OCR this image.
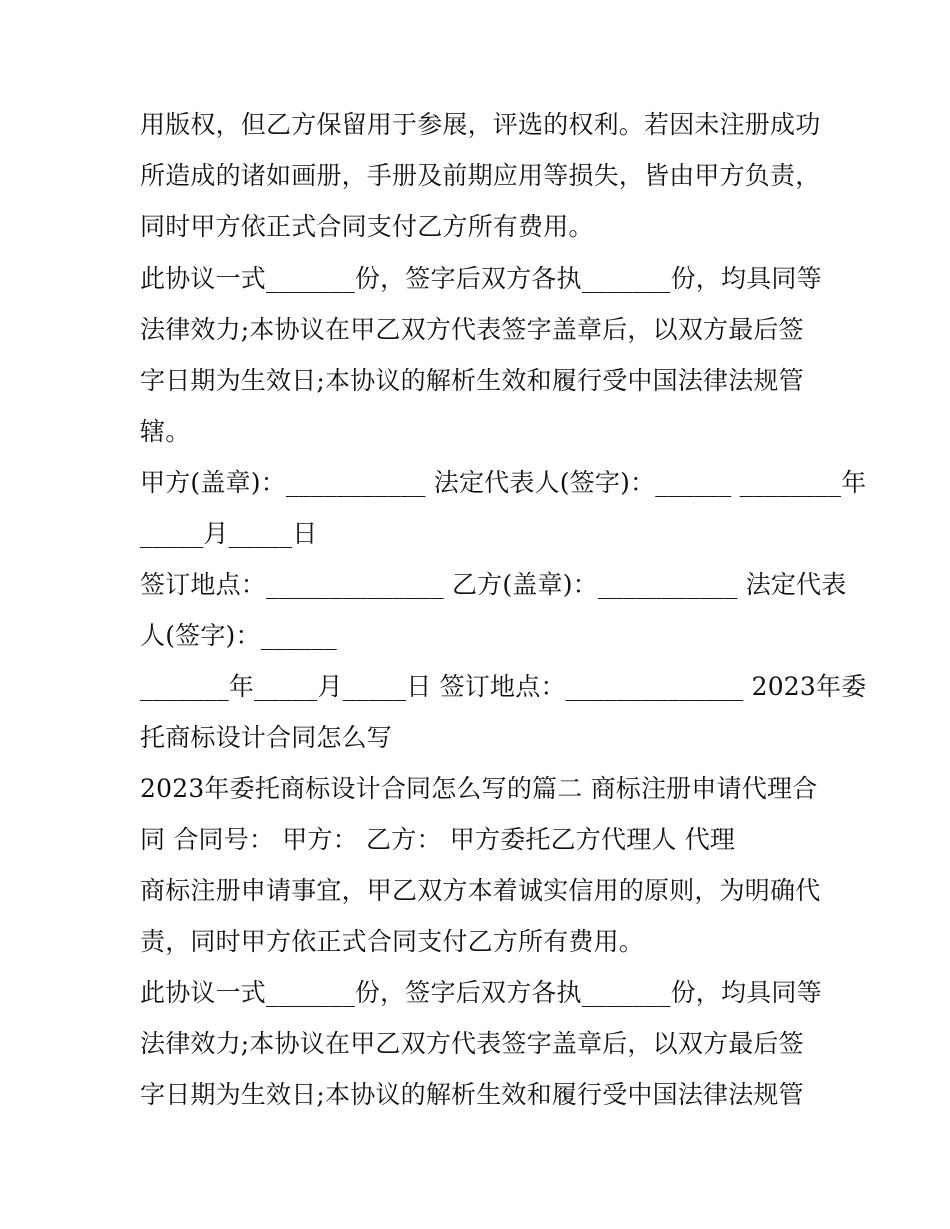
用版权，但乙方保留用于参展，评选的权利。若因未注册成功
所造成的诸如画册，手册及前期应用等损失，皆由甲方负责，
同时甲方依正式合同支付乙方所有费用。
此协议一式_______份，签字后双方各执_______份，均具同等
法律效力;本协议在甲乙双方代表签字盖章后，以双方最后签
字日期为生效日;本协议的解析生效和履行受中国法律法规管
辖。
甲方(盖章)：___________ 法定代表人(签字)：______ ________年
_____月_____日
签订地点：______________ 乙方(盖章)：___________ 法定代表
人(签字)：______
_______年_____月_____日 签订地点：______________ 2023年委
托商标设计合同怎么写
2023年委托商标设计合同怎么写的篇二 商标注册申请代理合
同 合同号： 甲方： 乙方： 甲方委托乙方代理人 代理
商标注册申请事宜，甲乙双方本着诚实信用的原则，为明确代
责，同时甲方依正式合同支付乙方所有费用。
此协议一式_______份，签字后双方各执_______份，均具同等
法律效力;本协议在甲乙双方代表签字盖章后，以双方最后签
字日期为生效日;本协议的解析生效和履行受中国法律法规管
